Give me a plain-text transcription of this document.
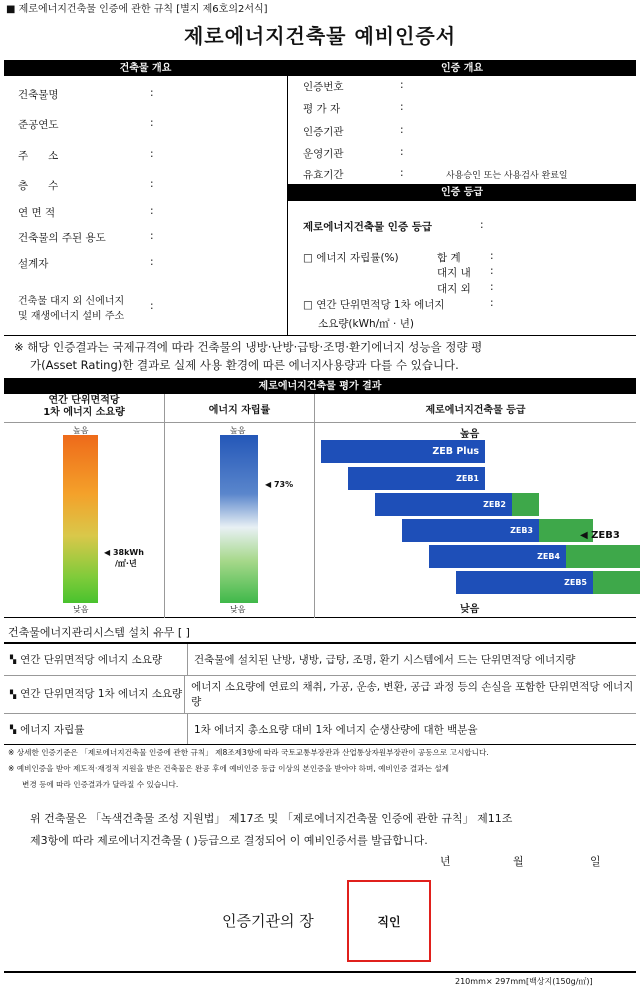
■ 제로에너지건축물 인증에 관한 규칙 [별지 제6호의2서식]
제로에너지건축물 예비인증서
건축물 개요	인증 개요
건축물명	:
준공연도	:
주      소	:
층      수	:
연 면 적	:
건축물의 주된 용도	:
설계자	:
건축물 대지 외 신에너지
및 재생에너지 설비 주소
:
인증번호	:
평 가 자	:
인증기관	:
운영기관	:
유효기간	:	사용승인 또는 사용검사 완료일
인증 등급
제로에너지건축물 인증 등급	:
□ 에너지 자립률(%)	합 계	:
대지 내 :
대지 외 :
□ 연간 단위면적당 1차 에너지
소요량(kWh/㎡ · 년)
:
※ 해당 인증결과는 국제규격에 따라 건축물의 냉방·난방·급탕·조명·환기에너지 성능을 정량 평
가(Asset Rating)한 결과로 실제 사용 환경에 따른 에너지사용량과 다를 수 있습니다.
제로에너지건축물 평가 결과
연간 단위면적당
1차 에너지 소요량	에너지 자립률	제로에너지건축물 등급
높음
낮음
◀ 38kWh
/㎡·년
높음
낮음
◀ 73%
높음
낮음
ZEB Plus
ZEB1
ZEB2
ZEB3
ZEB4
ZEB5
◀ ZEB3
건축물에너지관리시스템 설치 유무 [ ]
▚ 연간 단위면적당 에너지 소요량	건축물에 설치된 난방, 냉방, 급탕, 조명, 환기 시스템에서 드는 단위면적당 에너지량
▚ 연간 단위면적당 1차 에너지 소요량
에너지 소요량에 연료의 채취, 가공, 운송, 변환, 공급 과정 등의 손실을 포함한 단위면적당 에너지량
▚ 에너지 자립률	1차 에너지 총소요량 대비 1차 에너지 순생산량에 대한 백분율
※ 상세한 인증기준은 「제로에너지건축물 인증에 관한 규칙」 제8조제3항에 따라 국토교통부장관과 산업통상자원부장관이 공동으로 고시합니다.
※ 예비인증을 받아 제도적·재정적 지원을 받은 건축물은 완공 후에 예비인증 등급 이상의 본인증을 받아야 하며, 예비인증 결과는 설계
변경 등에 따라 인증결과가 달라질 수 있습니다.
위 건축물은 「녹색건축물 조성 지원법」 제17조 및 「제로에너지건축물 인증에 관한 규칙」 제11조
제3항에 따라 제로에너지건축물 ( )등급으로 결정되어 이 예비인증서를 발급합니다.
년	월	일
인증기관의 장	직인
210mm× 297mm[백상지(150g/㎡)]
